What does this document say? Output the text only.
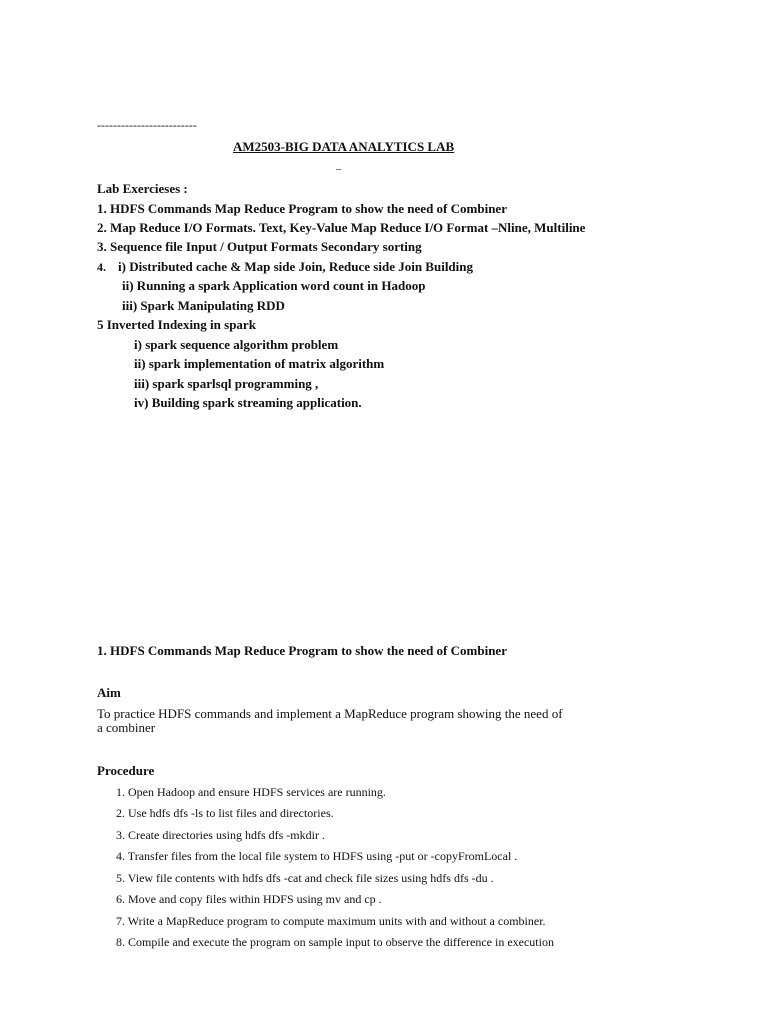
-------------------------
AM2503-BIG DATA ANALYTICS LAB
_
Lab Exercieses :
1. HDFS Commands Map Reduce Program to show the need of Combiner
2. Map Reduce I/O Formats. Text, Key-Value Map Reduce I/O Format –Nline, Multiline
3. Sequence file Input / Output Formats Secondary sorting
4. i) Distributed cache & Map side Join, Reduce side Join Building
ii) Running a spark Application word count in Hadoop
iii) Spark Manipulating RDD
5 Inverted Indexing in spark
i) spark sequence algorithm problem
ii) spark implementation of matrix algorithm
iii) spark sparlsql programming ,
iv) Building spark streaming application.
1. HDFS Commands Map Reduce Program to show the need of Combiner
Aim
To practice HDFS commands and implement a MapReduce program showing the need of a combiner
Procedure
1. Open Hadoop and ensure HDFS services are running.
2. Use hdfs dfs -ls to list files and directories.
3. Create directories using hdfs dfs -mkdir .
4. Transfer files from the local file system to HDFS using -put or -copyFromLocal .
5. View file contents with hdfs dfs -cat and check file sizes using hdfs dfs -du .
6. Move and copy files within HDFS using mv and cp .
7. Write a MapReduce program to compute maximum units with and without a combiner.
8. Compile and execute the program on sample input to observe the difference in execution
